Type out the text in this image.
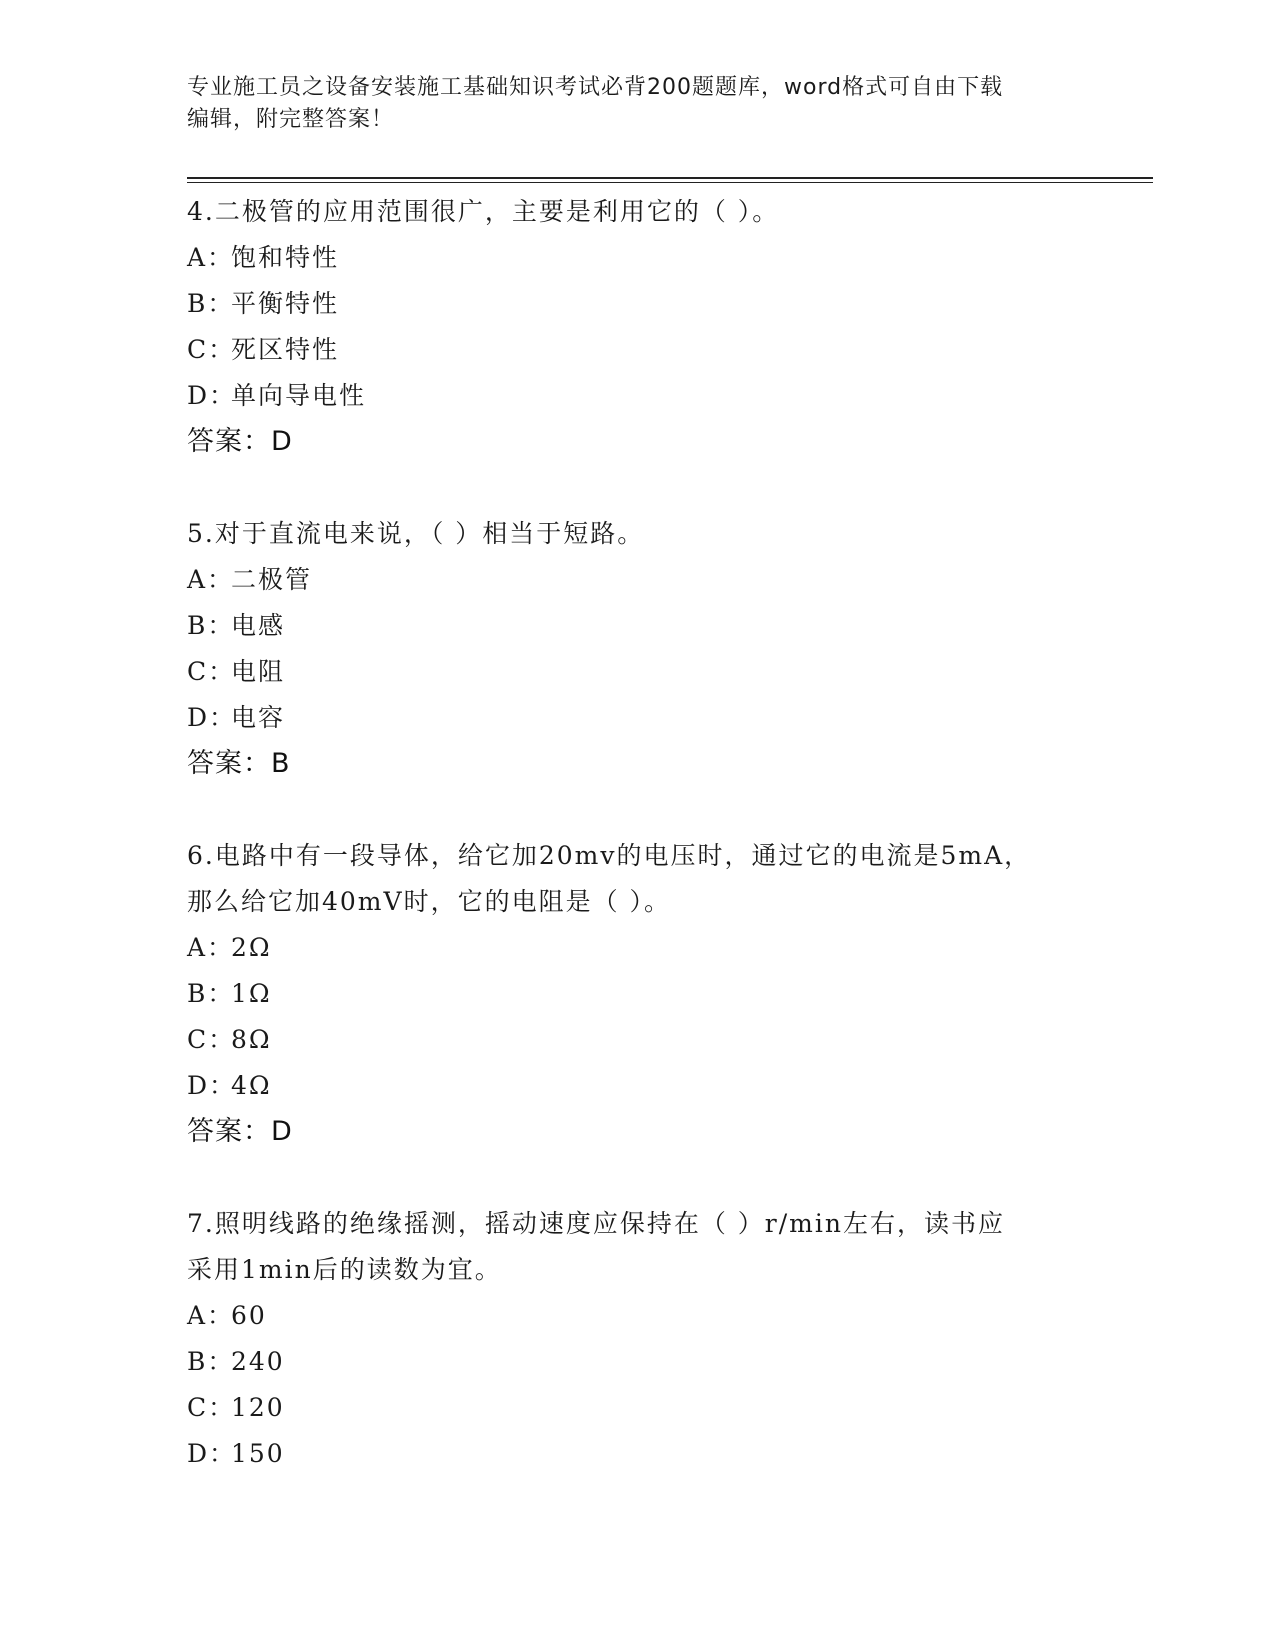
专业施工员之设备安装施工基础知识考试必背200题题库，word格式可自由下载
编辑，附完整答案！
4.二极管的应用范围很广，主要是利用它的（ ）。
A：
饱和特性
B：
平衡特性
C：
死区特性
D：
单向导电性
答案：D
5.对于直流电来说，（ ）相当于短路。
A：
二极管
B：
电感
C：
电阻
D：
电容
答案：B
6.电路中有一段导体，给它加20mv的电压时，通过它的电流是5mA，
那么给它加40mV时，它的电阻是（ ）。
A：
2Ω
B：
1Ω
C：
8Ω
D：
4Ω
答案：D
7.照明线路的绝缘摇测，摇动速度应保持在（ ）r/min左右，读书应
采用1min后的读数为宜。
A：
60
B：
240
C：
120
D：
150
